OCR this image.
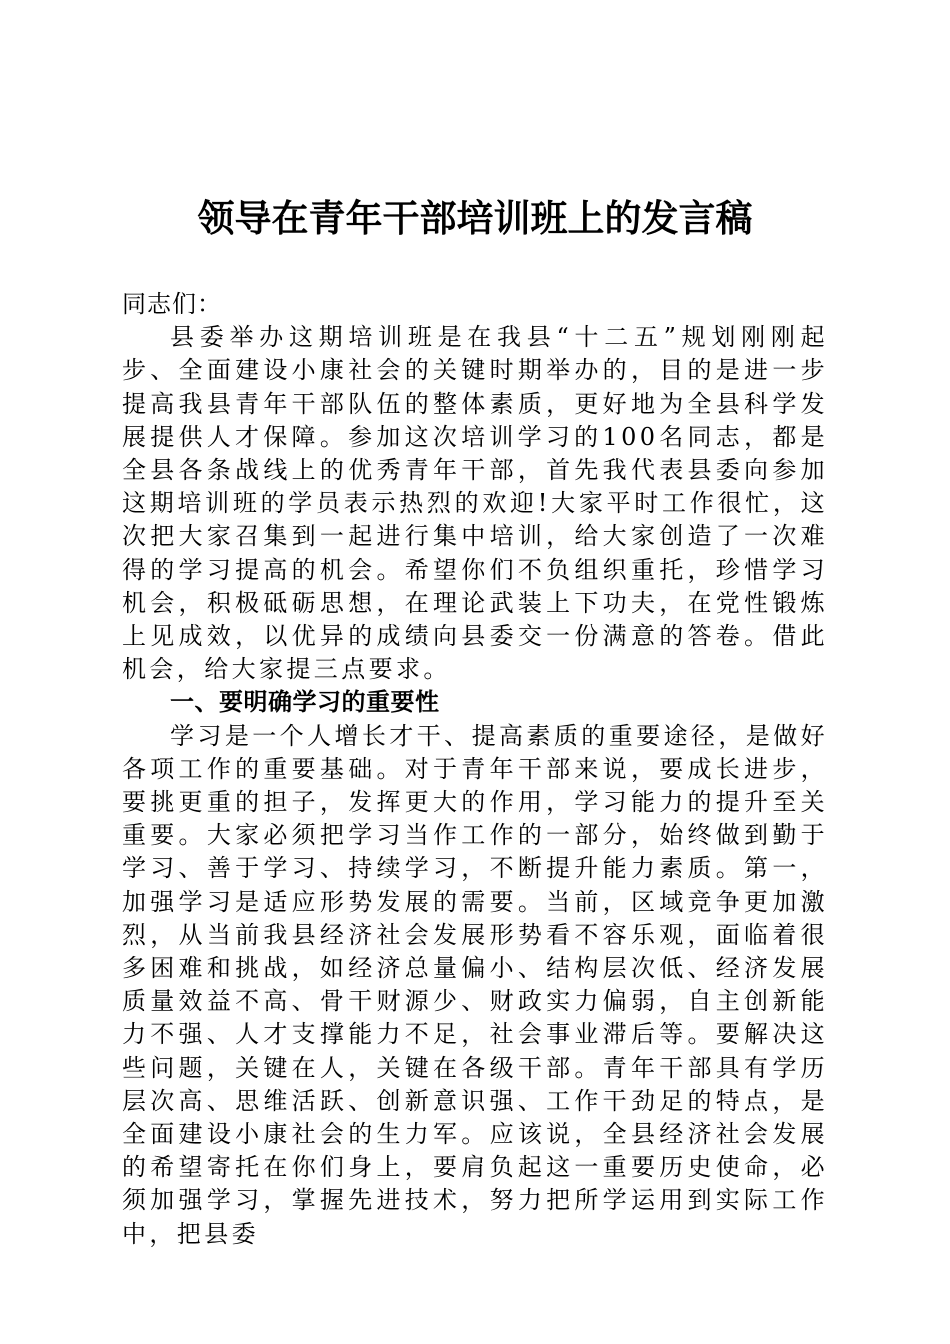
领导在青年干部培训班上的发言稿

同志们：

县委举办这期培训班是在我县“十二五”规划刚刚起步、全面建设小康社会的关键时期举办的，目的是进一步提高我县青年干部队伍的整体素质，更好地为全县科学发展提供人才保障。参加这次培训学习的100名同志，都是全县各条战线上的优秀青年干部，首先我代表县委向参加这期培训班的学员表示热烈的欢迎!大家平时工作很忙，这次把大家召集到一起进行集中培训，给大家创造了一次难得的学习提高的机会。希望你们不负组织重托，珍惜学习机会，积极砥砺思想，在理论武装上下功夫，在党性锻炼上见成效，以优异的成绩向县委交一份满意的答卷。借此机会，给大家提三点要求。

一、要明确学习的重要性

学习是一个人增长才干、提高素质的重要途径，是做好各项工作的重要基础。对于青年干部来说，要成长进步，要挑更重的担子，发挥更大的作用，学习能力的提升至关重要。大家必须把学习当作工作的一部分，始终做到勤于学习、善于学习、持续学习，不断提升能力素质。第一，加强学习是适应形势发展的需要。当前，区域竞争更加激烈，从当前我县经济社会发展形势看不容乐观，面临着很多困难和挑战，如经济总量偏小、结构层次低、经济发展质量效益不高、骨干财源少、财政实力偏弱，自主创新能力不强、人才支撑能力不足，社会事业滞后等。要解决这些问题，关键在人，关键在各级干部。青年干部具有学历层次高、思维活跃、创新意识强、工作干劲足的特点，是全面建设小康社会的生力军。应该说，全县经济社会发展的希望寄托在你们身上，要肩负起这一重要历史使命，必须加强学习，掌握先进技术，努力把所学运用到实际工作中，把县委
